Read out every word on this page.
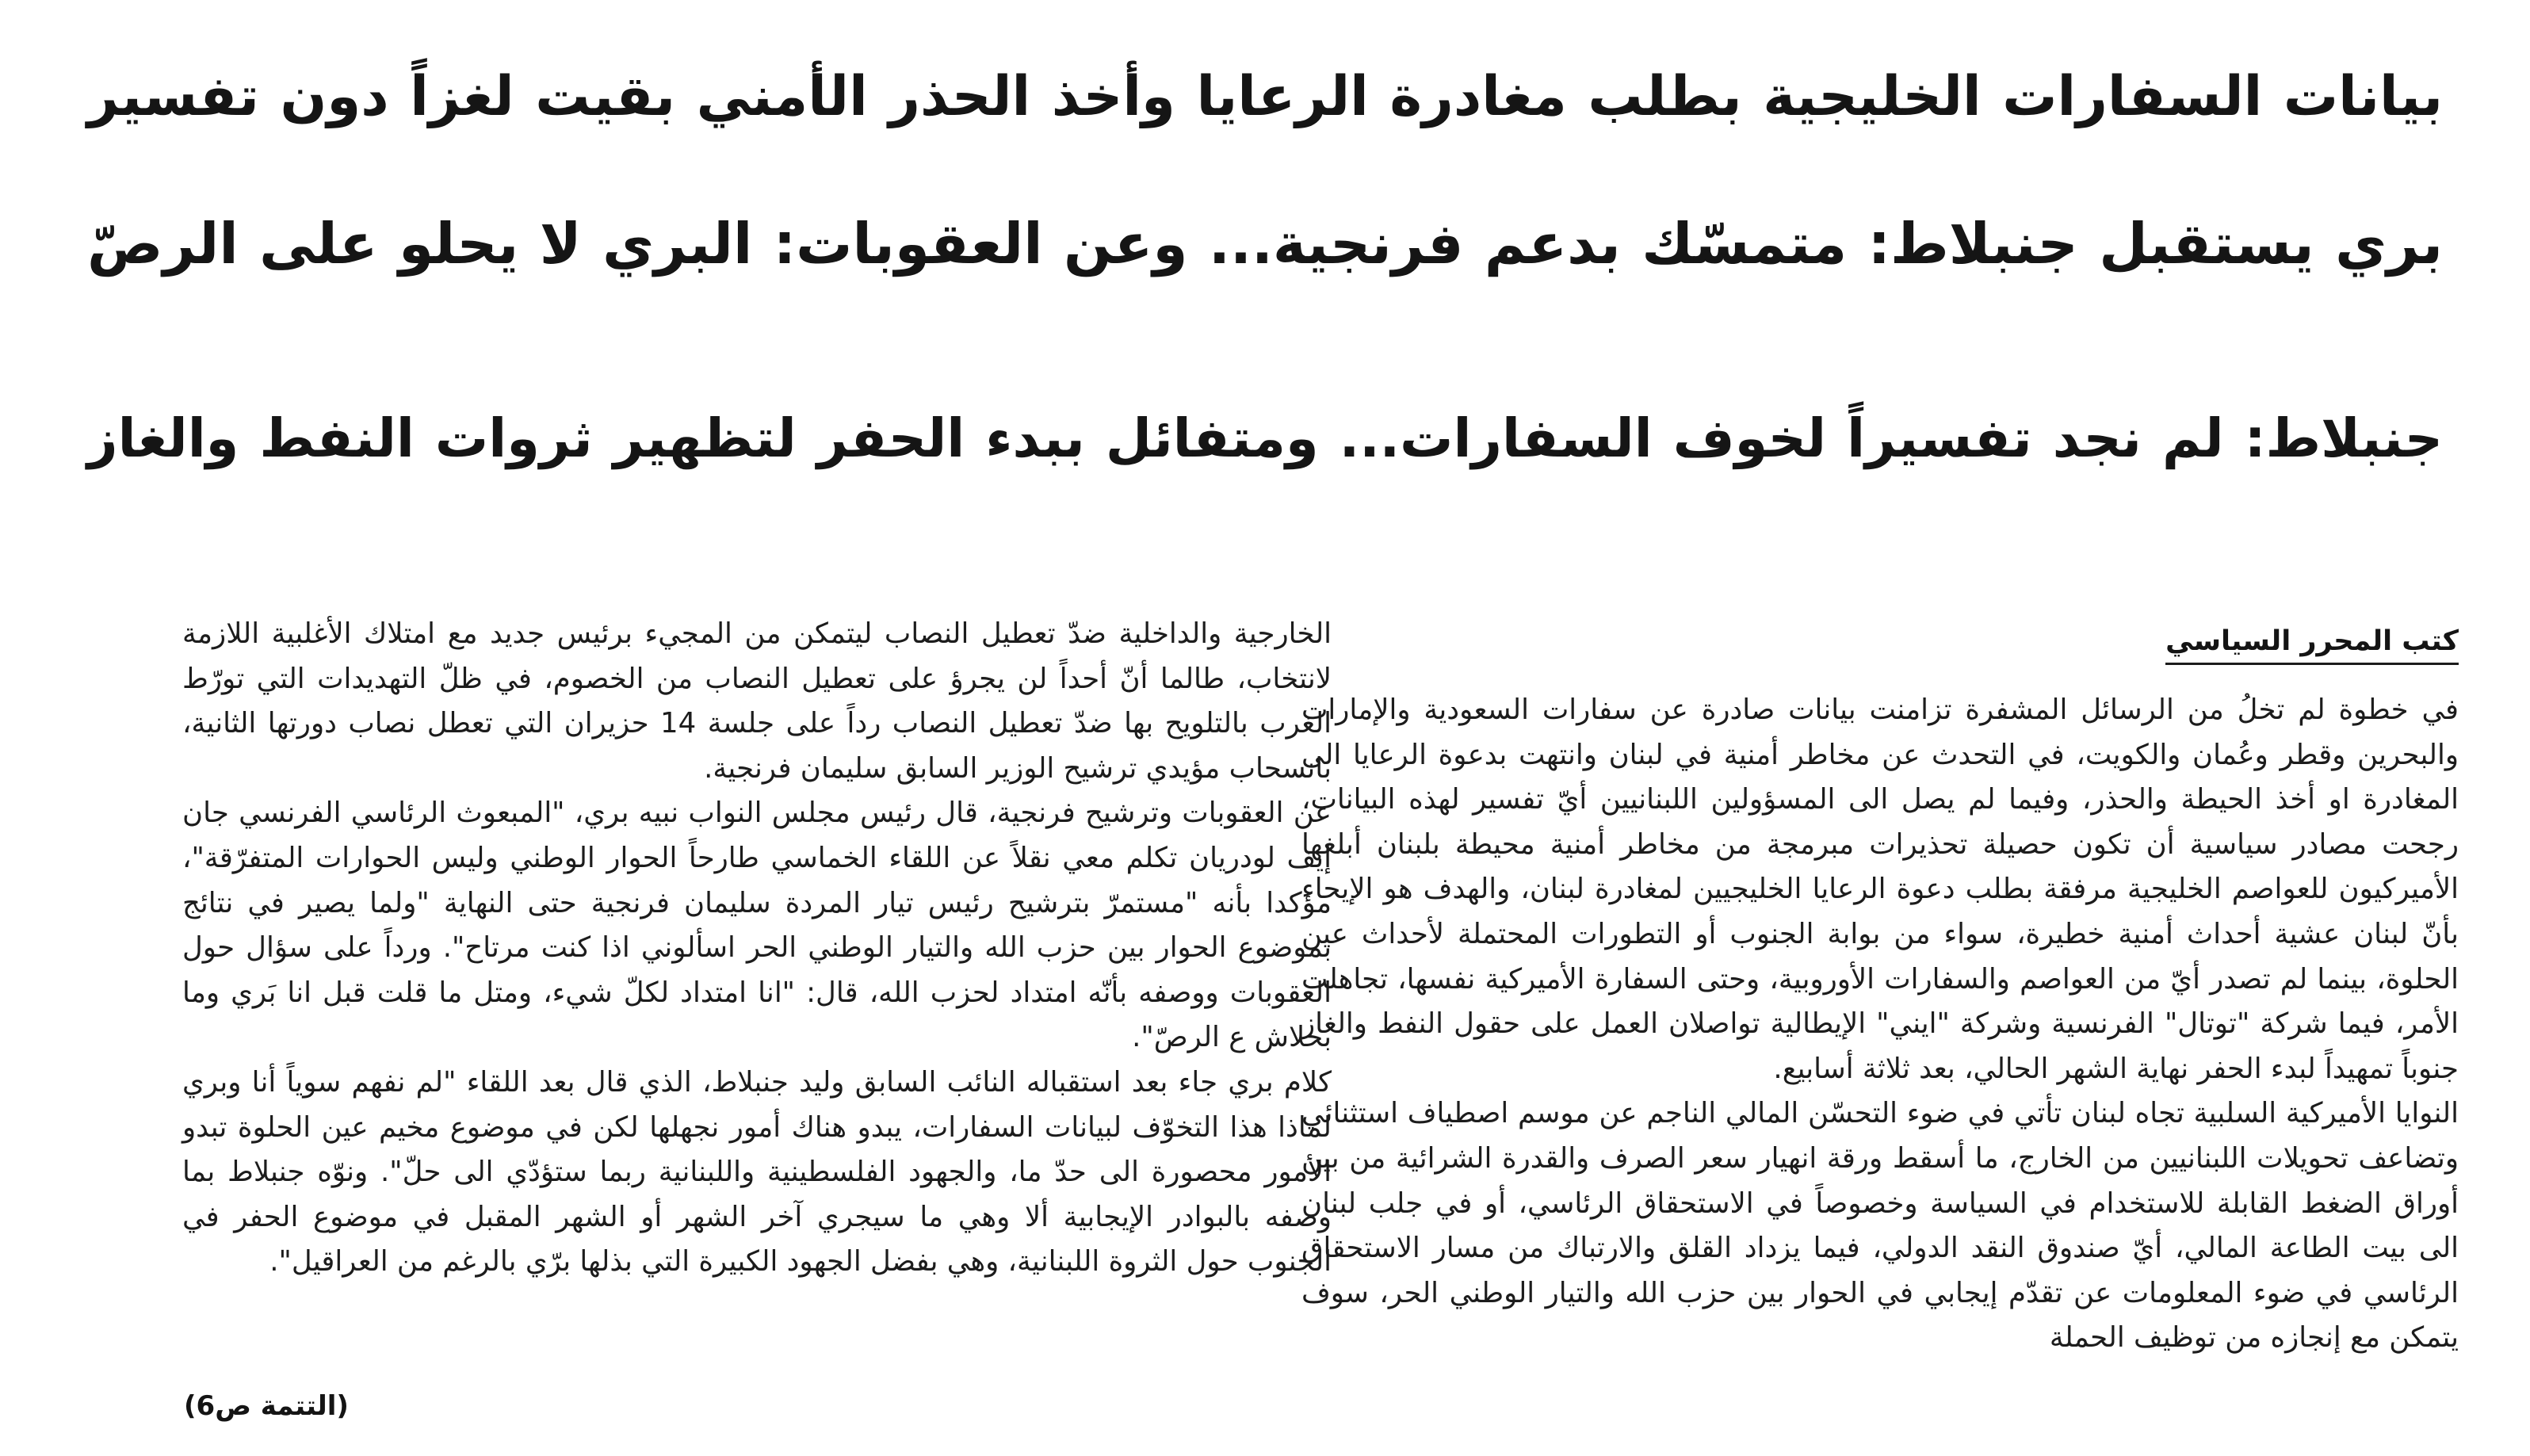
بيانات السفارات الخليجية بطلب مغادرة الرعايا وأخذ الحذر الأمني بقيت لغزاً دون تفسير
بري يستقبل جنبلاط: متمسّك بدعم فرنجية... وعن العقوبات: البري لا يحلو على الرصّ
جنبلاط: لم نجد تفسيراً لخوف السفارات... ومتفائل ببدء الحفر لتظهير ثروات النفط والغاز
كتب المحرر السياسي

في خطوة لم تخلُ من الرسائل المشفرة تزامنت بيانات صادرة عن سفارات السعودية والإمارات والبحرين وقطر وعُمان والكويت، في التحدث عن مخاطر أمنية في لبنان وانتهت بدعوة الرعايا الى المغادرة او أخذ الحيطة والحذر، وفيما لم يصل الى المسؤولين اللبنانيين أيّ تفسير لهذه البيانات، رجحت مصادر سياسية أن تكون حصيلة تحذيرات مبرمجة من مخاطر أمنية محيطة بلبنان أبلغها الأميركيون للعواصم الخليجية مرفقة بطلب دعوة الرعايا الخليجيين لمغادرة لبنان، والهدف هو الإيحاء بأنّ لبنان عشية أحداث أمنية خطيرة، سواء من بوابة الجنوب أو التطورات المحتملة لأحداث عين الحلوة، بينما لم تصدر أيّ من العواصم والسفارات الأوروبية، وحتى السفارة الأميركية نفسها، تجاهلت الأمر، فيما شركة "توتال" الفرنسية وشركة "ايني" الإيطالية تواصلان العمل على حقول النفط والغاز جنوباً تمهيداً لبدء الحفر نهاية الشهر الحالي، بعد ثلاثة أسابيع.

النوايا الأميركية السلبية تجاه لبنان تأتي في ضوء التحسّن المالي الناجم عن موسم اصطياف استثنائي وتضاعف تحويلات اللبنانيين من الخارج، ما أسقط ورقة انهيار سعر الصرف والقدرة الشرائية من بين أوراق الضغط القابلة للاستخدام في السياسة وخصوصاً في الاستحقاق الرئاسي، أو في جلب لبنان الى بيت الطاعة المالي، أيّ صندوق النقد الدولي، فيما يزداد القلق والارتباك من مسار الاستحقاق الرئاسي في ضوء المعلومات عن تقدّم إيجابي في الحوار بين حزب الله والتيار الوطني الحر، سوف يتمكن مع إنجازه من توظيف الحملة

الخارجية والداخلية ضدّ تعطيل النصاب ليتمكن من المجيء برئيس جديد مع امتلاك الأغلبية اللازمة لانتخاب، طالما أنّ أحداً لن يجرؤ على تعطيل النصاب من الخصوم، في ظلّ التهديدات التي تورّط الغرب بالتلويح بها ضدّ تعطيل النصاب رداً على جلسة 14 حزيران التي تعطل نصاب دورتها الثانية، بانسحاب مؤيدي ترشيح الوزير السابق سليمان فرنجية.

عن العقوبات وترشيح فرنجية، قال رئيس مجلس النواب نبيه بري، "المبعوث الرئاسي الفرنسي جان إيف لودريان تكلم معي نقلاً عن اللقاء الخماسي طارحاً الحوار الوطني وليس الحوارات المتفرّقة"، مؤكدا بأنه "مستمرّ بترشيح رئيس تيار المردة سليمان فرنجية حتى النهاية "ولما يصير في نتائج بموضوع الحوار بين حزب الله والتيار الوطني الحر اسألوني اذا كنت مرتاح". ورداً على سؤال حول العقوبات ووصفه بأنّه امتداد لحزب الله، قال: "انا امتداد لكلّ شيء، ومتل ما قلت قبل انا بَري وما بحلاش ع الرصّ".

كلام بري جاء بعد استقباله النائب السابق وليد جنبلاط، الذي قال بعد اللقاء "لم نفهم سوياً أنا وبري لماذا هذا التخوّف لبيانات السفارات، يبدو هناك أمور نجهلها لكن في موضوع مخيم عين الحلوة تبدو الأمور محصورة الى حدّ ما، والجهود الفلسطينية واللبنانية ربما ستؤدّي الى حلّ". ونوّه جنبلاط بما وصفه بالبوادر الإيجابية ألا وهي ما سيجري آخر الشهر أو الشهر المقبل في موضوع الحفر في الجنوب حول الثروة اللبنانية، وهي بفضل الجهود الكبيرة التي بذلها برّي بالرغم من العراقيل".

(التتمة ص6)
